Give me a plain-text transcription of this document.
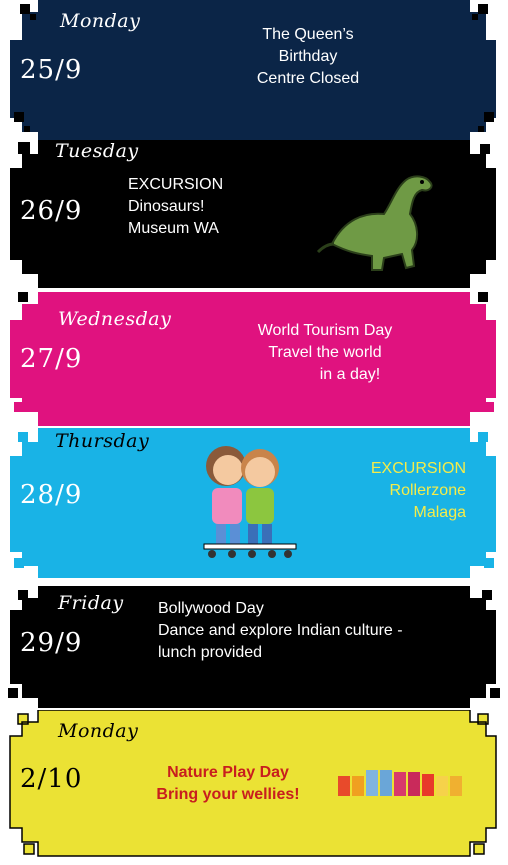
Monday
25/9
The Queen’s
Birthday
Centre Closed
Tuesday
26/9
EXCURSION
Dinosaurs!
Museum WA
Wednesday
27/9
World Tourism Day
Travel the world
in a day!
Thursday
28/9
EXCURSION
Rollerzone
Malaga
Friday
29/9
Bollywood Day
Dance and explore Indian culture -
lunch provided
Monday
2/10	Nature Play Day
Bring your wellies!
